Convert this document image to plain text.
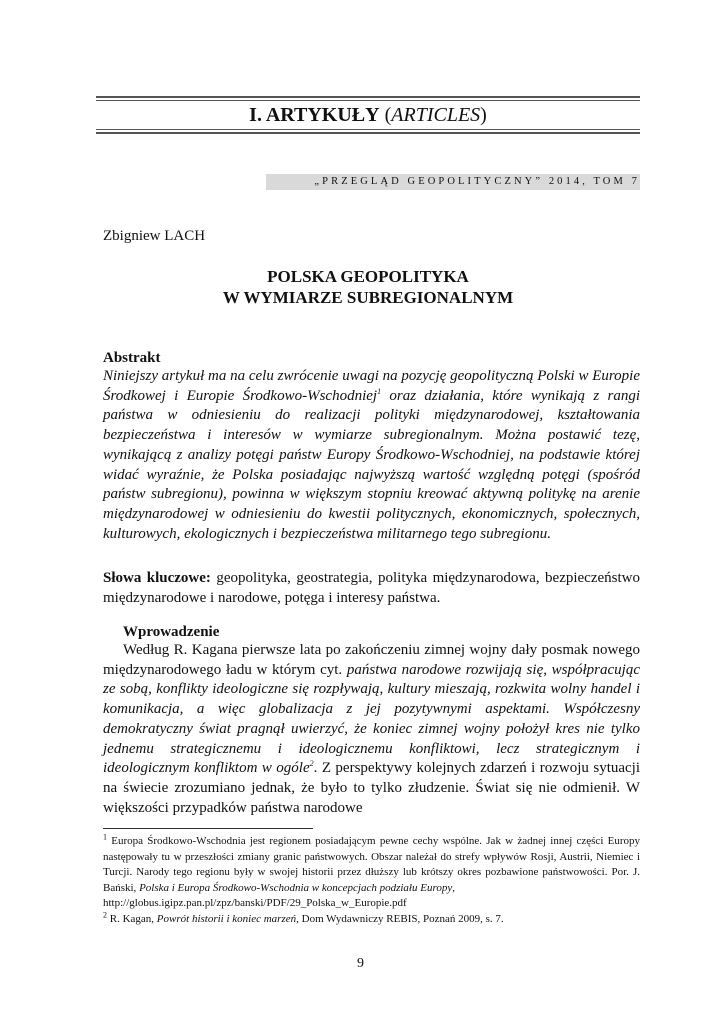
I. ARTYKUŁY (ARTICLES)
„PRZEGLĄD GEOPOLITYCZNY” 2014, TOM 7
Zbigniew LACH
POLSKA GEOPOLITYKA
W WYMIARZE SUBREGIONALNYM
Abstrakt
Niniejszy artykuł ma na celu zwrócenie uwagi na pozycję geopolityczną Polski w Europie Środkowej i Europie Środkowo-Wschodniej$^1$ oraz działania, które wynikają z rangi państwa w odniesieniu do realizacji polityki międzynarodowej, kształtowania bezpieczeństwa i interesów w wymiarze subregionalnym. Można postawić tezę, wynikającą z analizy potęgi państw Europy Środkowo-Wschodniej, na podstawie której widać wyraźnie, że Polska posiadając najwyższą wartość względną potęgi (spośród państw subregionu), powinna w większym stopniu kreować aktywną politykę na arenie międzynarodowej w odniesieniu do kwestii politycznych, ekonomicznych, społecznych, kulturowych, ekologicznych i bezpieczeństwa militarnego tego subregionu.
Słowa kluczowe: geopolityka, geostrategia, polityka międzynarodowa, bezpieczeństwo międzynarodowe i narodowe, potęga i interesy państwa.
Wprowadzenie
Według R. Kagana pierwsze lata po zakończeniu zimnej wojny dały posmak nowego międzynarodowego ładu w którym cyt. państwa narodowe rozwijają się, współpracując ze sobą, konflikty ideologiczne się rozpływają, kultury mieszają, rozkwita wolny handel i komunikacja, a więc globalizacja z jej pozytywnymi aspektami. Współczesny demokratyczny świat pragnął uwierzyć, że koniec zimnej wojny położył kres nie tylko jednemu strategicznemu i ideologicznemu konfliktowi, lecz strategicznym i ideologicznym konfliktom w ogóle$^2$. Z perspektywy kolejnych zdarzeń i rozwoju sytuacji na świecie zrozumiano jednak, że było to tylko złudzenie. Świat się nie odmienił. W większości przypadków państwa narodowe

$^1$ Europa Środkowo-Wschodnia jest regionem posiadającym pewne cechy wspólne. Jak w żadnej innej części Europy następowały tu w przeszłości zmiany granic państwowych. Obszar należał do strefy wpływów Rosji, Austrii, Niemiec i Turcji. Narody tego regionu były w swojej historii przez dłuższy lub krótszy okres pozbawione państwowości. Por. J. Bański, Polska i Europa Środkowo-Wschodnia w koncepcjach podziału Europy,

http://globus.igipz.pan.pl/zpz/banski/PDF/29_Polska_w_Europie.pdf

$^2$ R. Kagan, Powrót historii i koniec marzeń, Dom Wydawniczy REBIS, Poznań 2009, s. 7.

9
